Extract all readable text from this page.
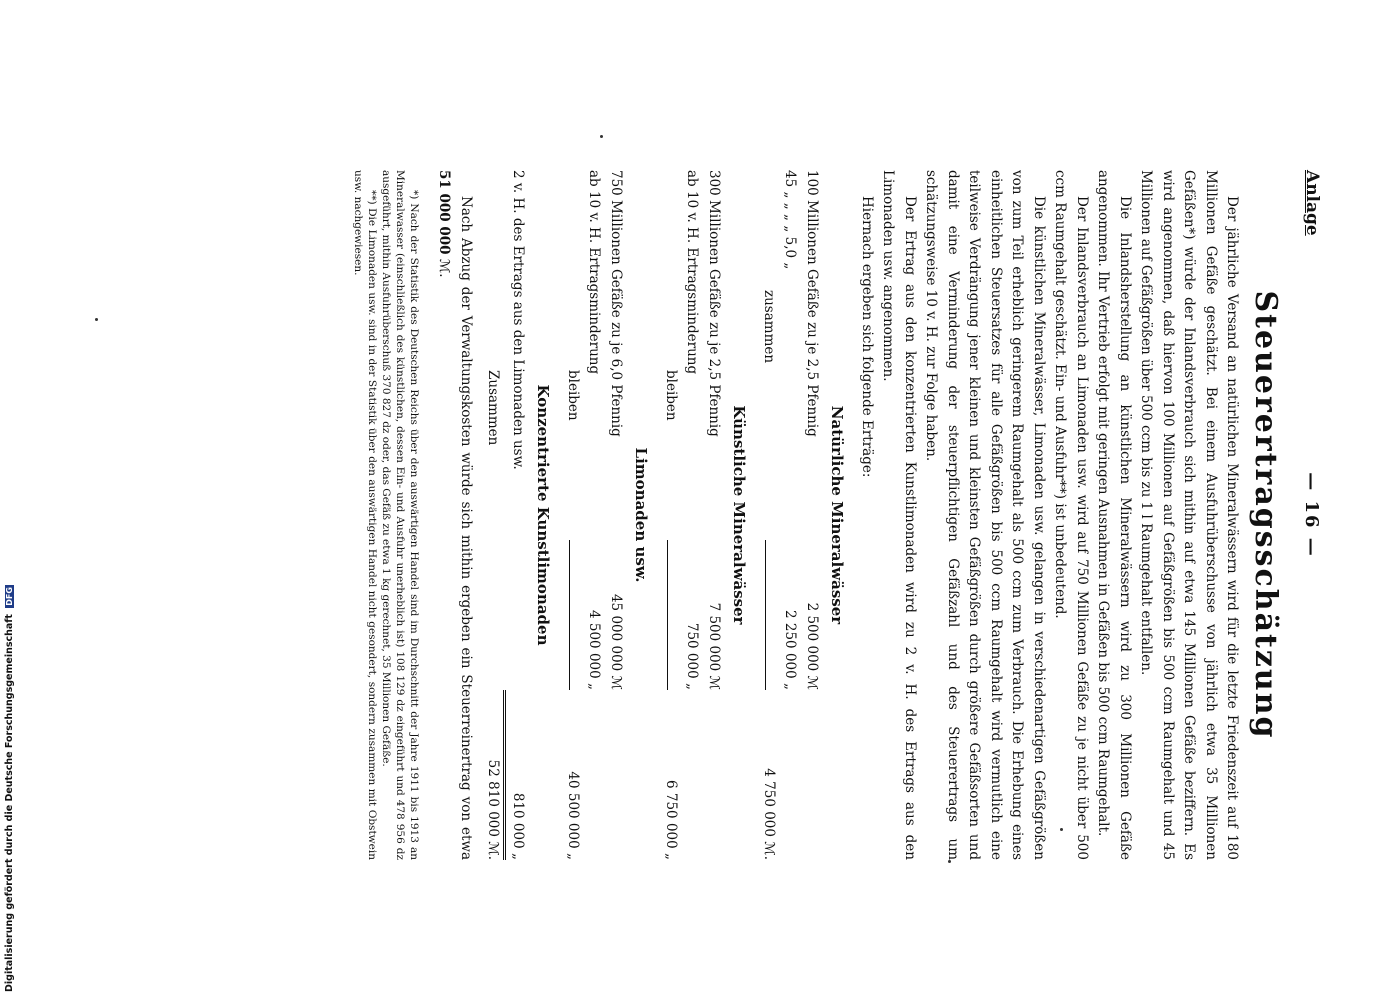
Anlage
— 16 —
Steuerertragsschätzung

Der jährliche Versand an natürlichen Mineralwässern wird für die letzte Friedenszeit auf 180 Millionen Gefäße geschätzt. Bei einem Ausfuhrüberschusse von jährlich etwa 35 Millionen Gefäßen*) würde der Inlandsverbrauch sich mithin auf etwa 145 Millionen Gefäße beziffern. Es wird angenommen, daß hiervon 100 Millionen auf Gefäßgrößen bis 500 ccm Raumgehalt und 45 Millionen auf Gefäßgrößen über 500 ccm bis zu 1 l Raumgehalt entfallen.

Die Inlandsherstellung an künstlichen Mineralwässern wird zu 300 Millionen Gefäße angenommen. Ihr Vertrieb erfolgt mit geringen Ausnahmen in Gefäßen bis 500 ccm Raumgehalt.

Der Inlandsverbrauch an Limonaden usw. wird auf 750 Millionen Gefäße zu je nicht über 500 ccm Raumgehalt geschätzt. Ein- und Ausfuhr**) ist unbedeutend.

Die künstlichen Mineralwässer, Limonaden usw. gelangen in verschiedenartigen Gefäßgrößen von zum Teil erheblich geringerem Raumgehalt als 500 ccm zum Verbrauch. Die Erhebung eines einheitlichen Steuersatzes für alle Gefäßgrößen bis 500 ccm Raumgehalt wird vermutlich eine teilweise Verdrängung jener kleinen und kleinsten Gefäßgrößen durch größere Gefäßsorten und damit eine Verminderung der steuerpflichtigen Gefäßzahl und des Steuerertrags um schätzungsweise 10 v. H. zur Folge haben.

Der Ertrag aus den konzentrierten Kunstlimonaden wird zu 2 v. H. des Ertrags aus den Limonaden usw. angenommen.

Hiernach ergeben sich folgende Erträge:

Natürliche Mineralwässer
100 Millionen Gefäße zu je 2,5 Pfennig
2 500 000 ℳ
45 „ „ „ „ 5,0 „
2 250 000 „
zusammen
4 750 000 ℳ.
Künstliche Mineralwässer
300 Millionen Gefäße zu je 2,5 Pfennig
7 500 000 ℳ
ab 10 v. H. Ertragsminderung
750 000 „
bleiben
6 750 000 „
Limonaden usw.
750 Millionen Gefäße zu je 6,0 Pfennig
45 000 000 ℳ
ab 10 v. H. Ertragsminderung
4 500 000 „
bleiben
40 500 000 „
Konzentrierte Kunstlimonaden
2 v. H. des Ertrags aus den Limonaden usw.
810 000 „
Zusammen
52 810 000 ℳ.

Nach Abzug der Verwaltungskosten würde sich mithin ergeben ein Steuerreinertrag von etwa 51 000 000 ℳ.

*) Nach der Statistik des Deutschen Reichs über den auswärtigen Handel sind im Durchschnitt der Jahre 1911 bis 1913 an Mineralwasser (einschließlich des künstlichen, dessen Ein- und Ausfuhr unerheblich ist) 108 129 dz eingeführt und 478 956 dz ausgeführt, mithin Ausfuhrüberschuß 370 827 dz oder, das Gefäß zu etwa 1 kg gerechnet, 35 Millionen Gefäße.

**) Die Limonaden usw. sind in der Statistik über den auswärtigen Handel nicht gesondert, sondern zusammen mit Obstwein usw. nachgewiesen.

Digitalisierung gefördert durch die Deutsche Forschungsgemeinschaft DFG
